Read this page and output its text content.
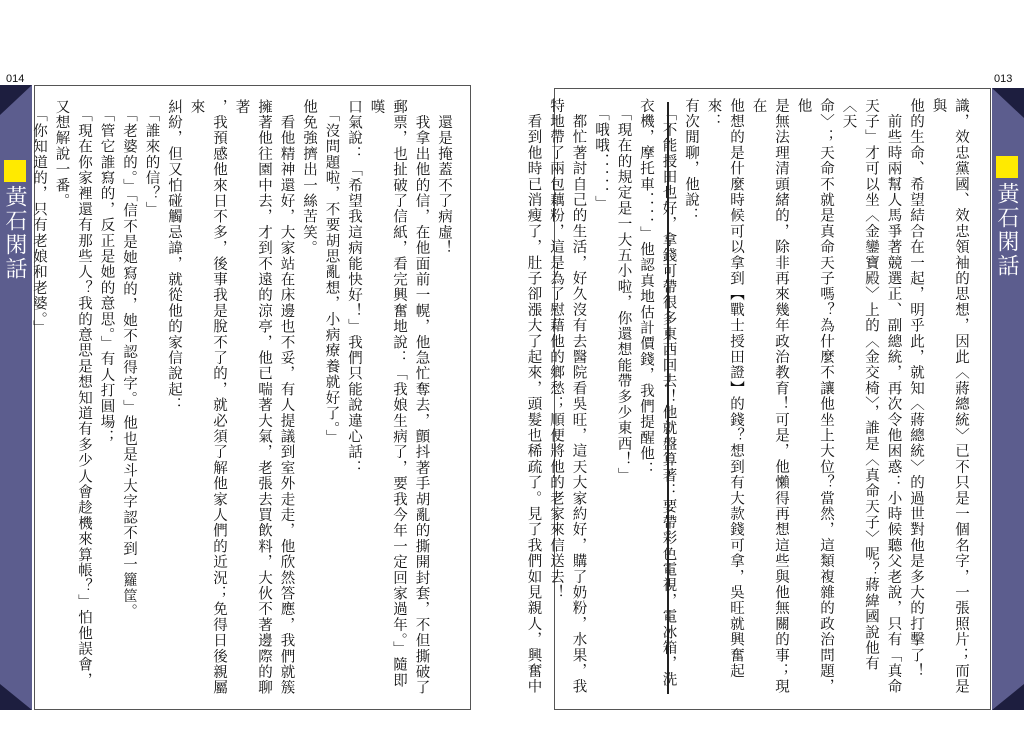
014
黃石閑話	　還是掩蓋不了病虛！
　我拿出他的信，在他面前一幌，他急忙奪去，顫抖著手胡亂的撕開封套，不但撕破了
郵票，也扯破了信紙，看完興奮地說：「我娘生病了，要我今年一定回家過年。」隨即嘆
口氣說：「希望我這病能快好！」我們只能說違心話：
　「沒問題啦，不要胡思亂想，小病療養就好了。」
他免強擠出一絲苦笑。
　看他精神還好，大家站在床邊也不妥，有人提議到室外走走，他欣然答應，我們就簇
擁著他往園中去，才到不遠的涼亭，他已喘著大氣，老張去買飲料，大伙不著邊際的聊著
，我預感他來日不多，後事我是脫不了的，就必須了解他家人們的近況；免得日後親屬來
糾紛，但又怕碰觸忌諱，就從他的家信說起：
　「誰來的信？」
　「老婆的。」「信不是她寫的，她不認得字。」他也是斗大字認不到一籮筐。
　「管它誰寫的，反正是她的意思。」有人打圓場；
　「現在你家裡還有那些人？我的意思是想知道有多少人會趁機來算帳？」怕他誤會，
又想解說一番。
　「你知道的，只有老娘和老婆。」
013
識，效忠黨國、效忠領袖的思想，因此〈蔣總統〉已不只是一個名字，一張照片；而是與
他的生命、希望結合在一起，明乎此，就知〈蔣總統〉的過世對他是多大的打擊了！
　前些時兩幫人馬爭著競選正、副總統，再次令他困惑：小時候聽父老說，只有「真命
天子」才可以坐〈金鑾寶殿〉上的〈金交椅〉，誰是〈真命天子〉呢？蔣緯國說他有〈天
命〉；天命不就是真命天子嗎？為什麼不讓他坐上大位？當然，這類複雜的政治問題，他
是無法理清頭緒的，除非再來幾年政治教育！可是，他懶得再想這些與他無關的事；現在
他想的是什麼時候可以拿到【戰士授田證】的錢？想到有大款錢可拿，吳旺就興奮起來：
有次閒聊，他說：
　「不能授田也好，拿錢可帶很多東西回去！他就盤算著：要帶彩色電視，電冰箱，洗
衣機，摩托車．．．．」他認真地估計價錢，我們提醒他：
　「現在的規定是一大五小啦，你還想能帶多少東西！」
　「哦哦．．．．．」
　都忙著討自己的生活，好久沒有去醫院看吳旺，這天大家約好，購了奶粉，水果，我
特地帶了兩包藕粉，這是為了慰藉他的鄉愁；順便將他的老家來信送去！
　看到他時已消瘦了，肚子卻漲大了起來，頭髮也稀疏了。見了我們如見親人，興奮中	黃石閑話
